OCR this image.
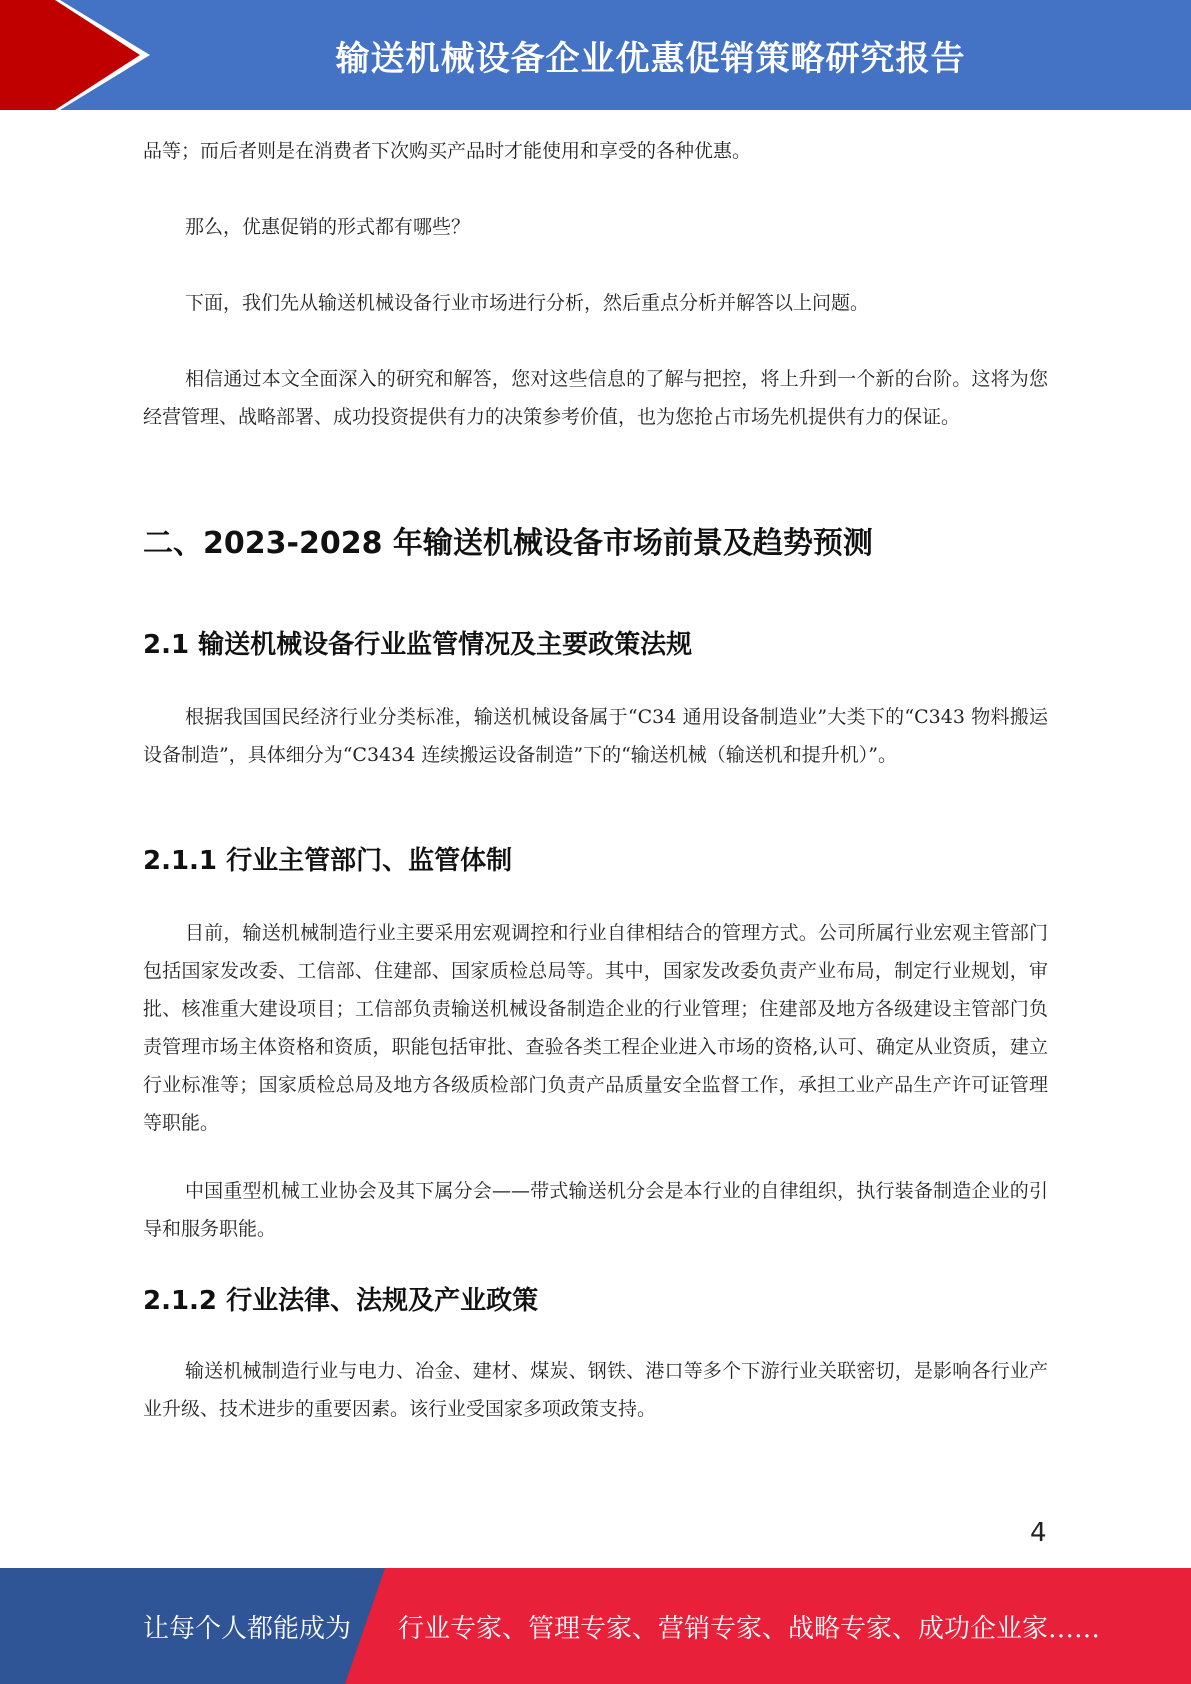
输送机械设备企业优惠促销策略研究报告

品等；而后者则是在消费者下次购买产品时才能使用和享受的各种优惠。

那么，优惠促销的形式都有哪些？

下面，我们先从输送机械设备行业市场进行分析，然后重点分析并解答以上问题。

相信通过本文全面深入的研究和解答，您对这些信息的了解与把控，将上升到一个新的台阶。这将为您经营管理、战略部署、成功投资提供有力的决策参考价值，也为您抢占市场先机提供有力的保证。

二、2023-2028 年输送机械设备市场前景及趋势预测
2.1 输送机械设备行业监管情况及主要政策法规

根据我国国民经济行业分类标准，输送机械设备属于“C34 通用设备制造业”大类下的“C343 物料搬运设备制造”，具体细分为“C3434 连续搬运设备制造”下的“输送机械（输送机和提升机）”。

2.1.1 行业主管部门、监管体制

目前，输送机械制造行业主要采用宏观调控和行业自律相结合的管理方式。公司所属行业宏观主管部门包括国家发改委、工信部、住建部、国家质检总局等。其中，国家发改委负责产业布局，制定行业规划，审批、核准重大建设项目；工信部负责输送机械设备制造企业的行业管理；住建部及地方各级建设主管部门负责管理市场主体资格和资质，职能包括审批、查验各类工程企业进入市场的资格,认可、确定从业资质，建立行业标准等；国家质检总局及地方各级质检部门负责产品质量安全监督工作，承担工业产品生产许可证管理等职能。

中国重型机械工业协会及其下属分会——带式输送机分会是本行业的自律组织，执行装备制造企业的引导和服务职能。

2.1.2 行业法律、法规及产业政策

输送机械制造行业与电力、冶金、建材、煤炭、钢铁、港口等多个下游行业关联密切，是影响各行业产业升级、技术进步的重要因素。该行业受国家多项政策支持。

4
让每个人都能成为 行业专家、管理专家、营销专家、战略专家、成功企业家……
